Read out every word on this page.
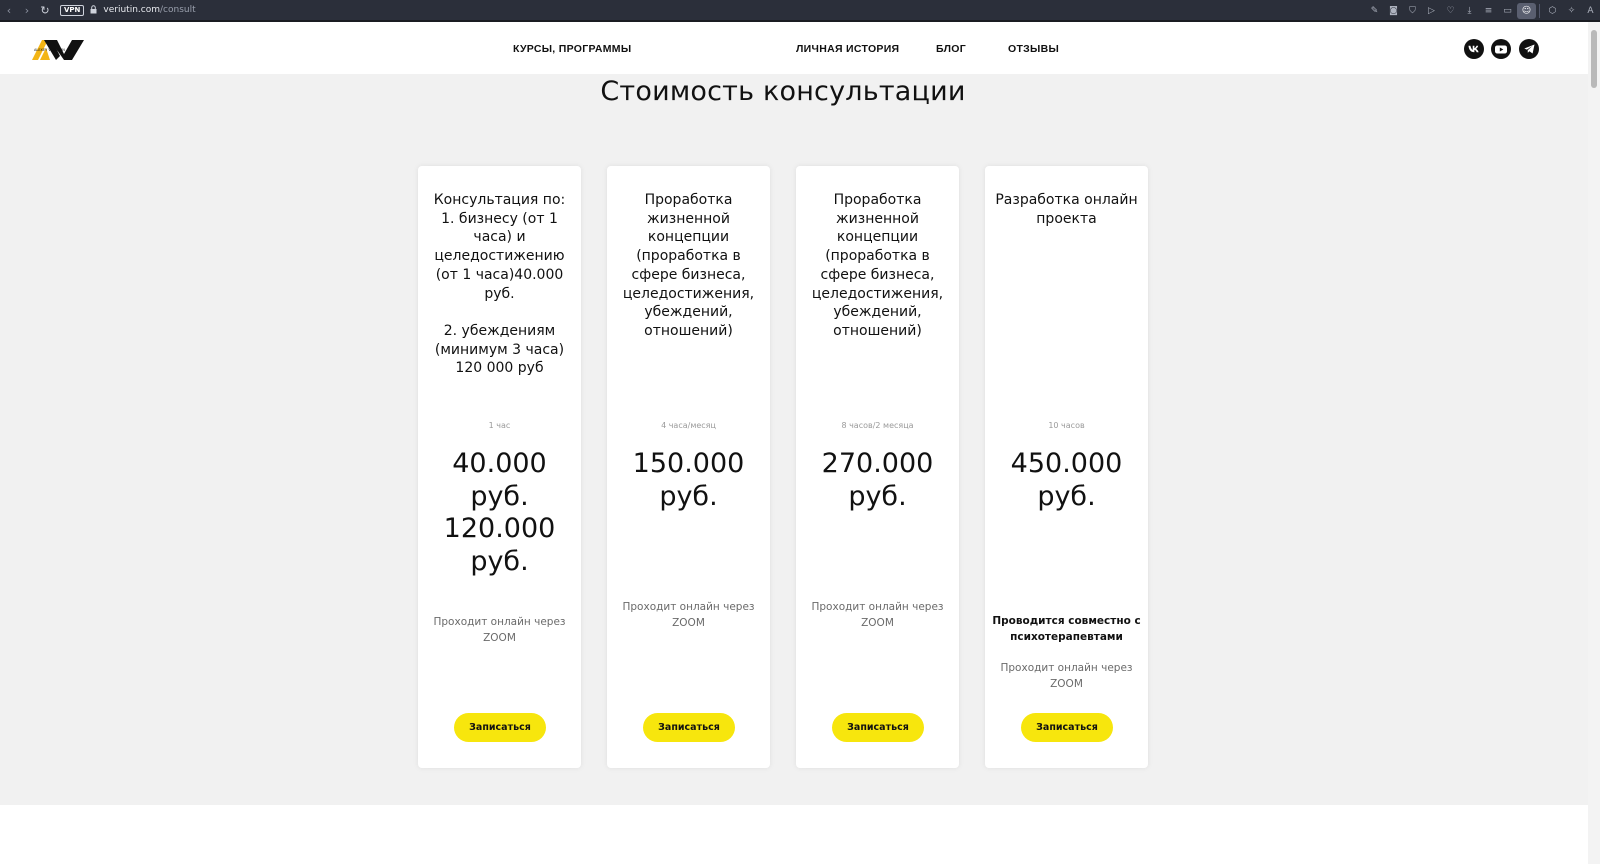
‹	›	↻	VPN	veriutin.com/consult	✎	◙	⛉	▷	♡	⤓	≡	▭	☺	⬡	✧	A
ALEXEY VERIUTIN	КУРСЫ, ПРОГРАММЫ	ЛИЧНАЯ ИСТОРИЯ	БЛОГ	ОТЗЫВЫ
Стоимость консультации
Консультация по:
1. бизнесу (от 1 часа) и целедостижению (от 1 часа)40.000 руб.

2. убеждениям (минимум 3 часа) 120 000 руб
1 час
40.000 руб. 120.000 руб.
Проходит онлайн через ZOOM
Записаться
Проработка жизненной концепции (проработка в сфере бизнеса, целедостижения, убеждений, отношений)
4 часа/месяц
150.000 руб.
Проходит онлайн через ZOOM
Записаться
Проработка жизненной концепции (проработка в сфере бизнеса, целедостижения, убеждений, отношений)
8 часов/2 месяца
270.000 руб.
Проходит онлайн через ZOOM
Записаться
Разработка онлайн проекта
10 часов
450.000 руб.
Проводится совместно с психотерапевтами
Проходит онлайн через ZOOM
Записаться
